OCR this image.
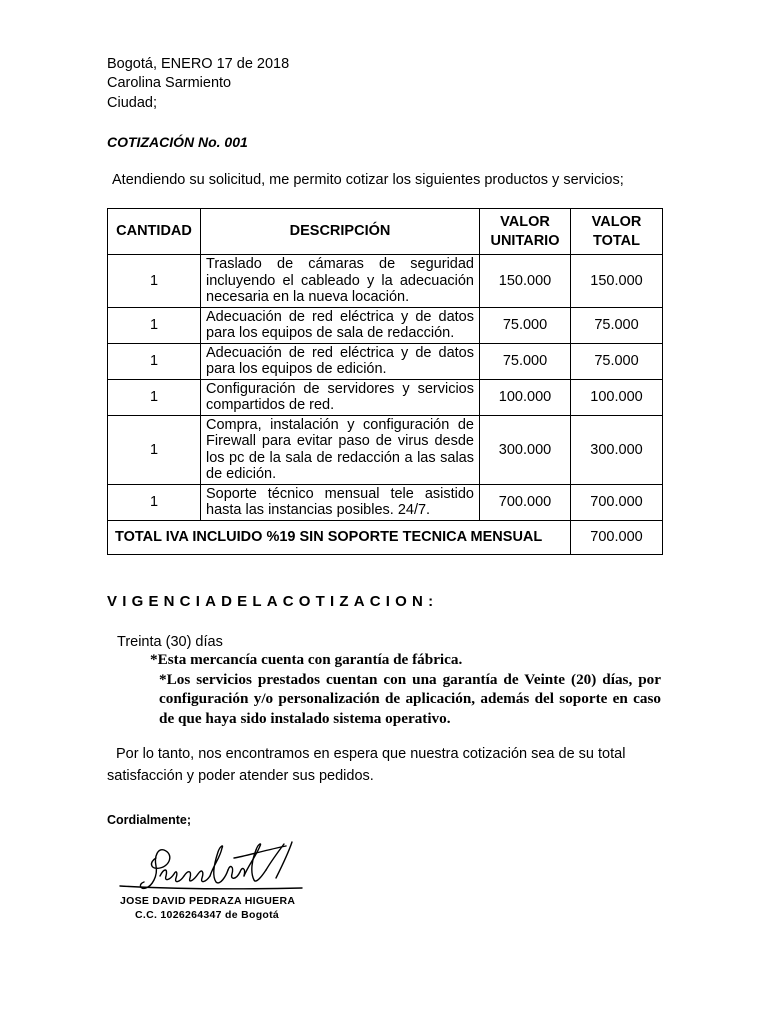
Bogotá, ENERO 17 de 2018
Carolina Sarmiento
Ciudad;
COTIZACIÓN No. 001
Atendiendo su solicitud, me permito cotizar los siguientes productos y servicios;
CANTIDAD	DESCRIPCIÓN	VALOR UNITARIO	VALOR TOTAL
1	Traslado de cámaras de seguridad incluyendo el cableado y la adecuación necesaria en la nueva locación.	150.000	150.000
1	Adecuación de red eléctrica y de datos para los equipos de sala de redacción.	75.000	75.000
1	Adecuación de red eléctrica y de datos para los equipos de edición.	75.000	75.000
1	Configuración de servidores y servicios compartidos de red.	100.000	100.000
1	Compra, instalación y configuración de Firewall para evitar paso de virus desde los pc de la sala de redacción a las salas de edición.	300.000	300.000
1	Soporte técnico mensual tele asistido hasta las instancias posibles. 24/7.	700.000	700.000
TOTAL IVA INCLUIDO %19 SIN SOPORTE TECNICA MENSUAL			700.000
VIGENCIADELACOTIZACION:
Treinta (30) días
*Esta mercancía cuenta con garantía de fábrica.
*Los servicios prestados cuentan con una garantía de Veinte (20) días, por configuración y/o personalización de aplicación, además del soporte en caso de que haya sido instalado sistema operativo.
Por lo tanto, nos encontramos en espera que nuestra cotización sea de su total satisfacción y poder atender sus pedidos.
Cordialmente;
JOSE DAVID PEDRAZA HIGUERA
C.C. 1026264347 de Bogotá
